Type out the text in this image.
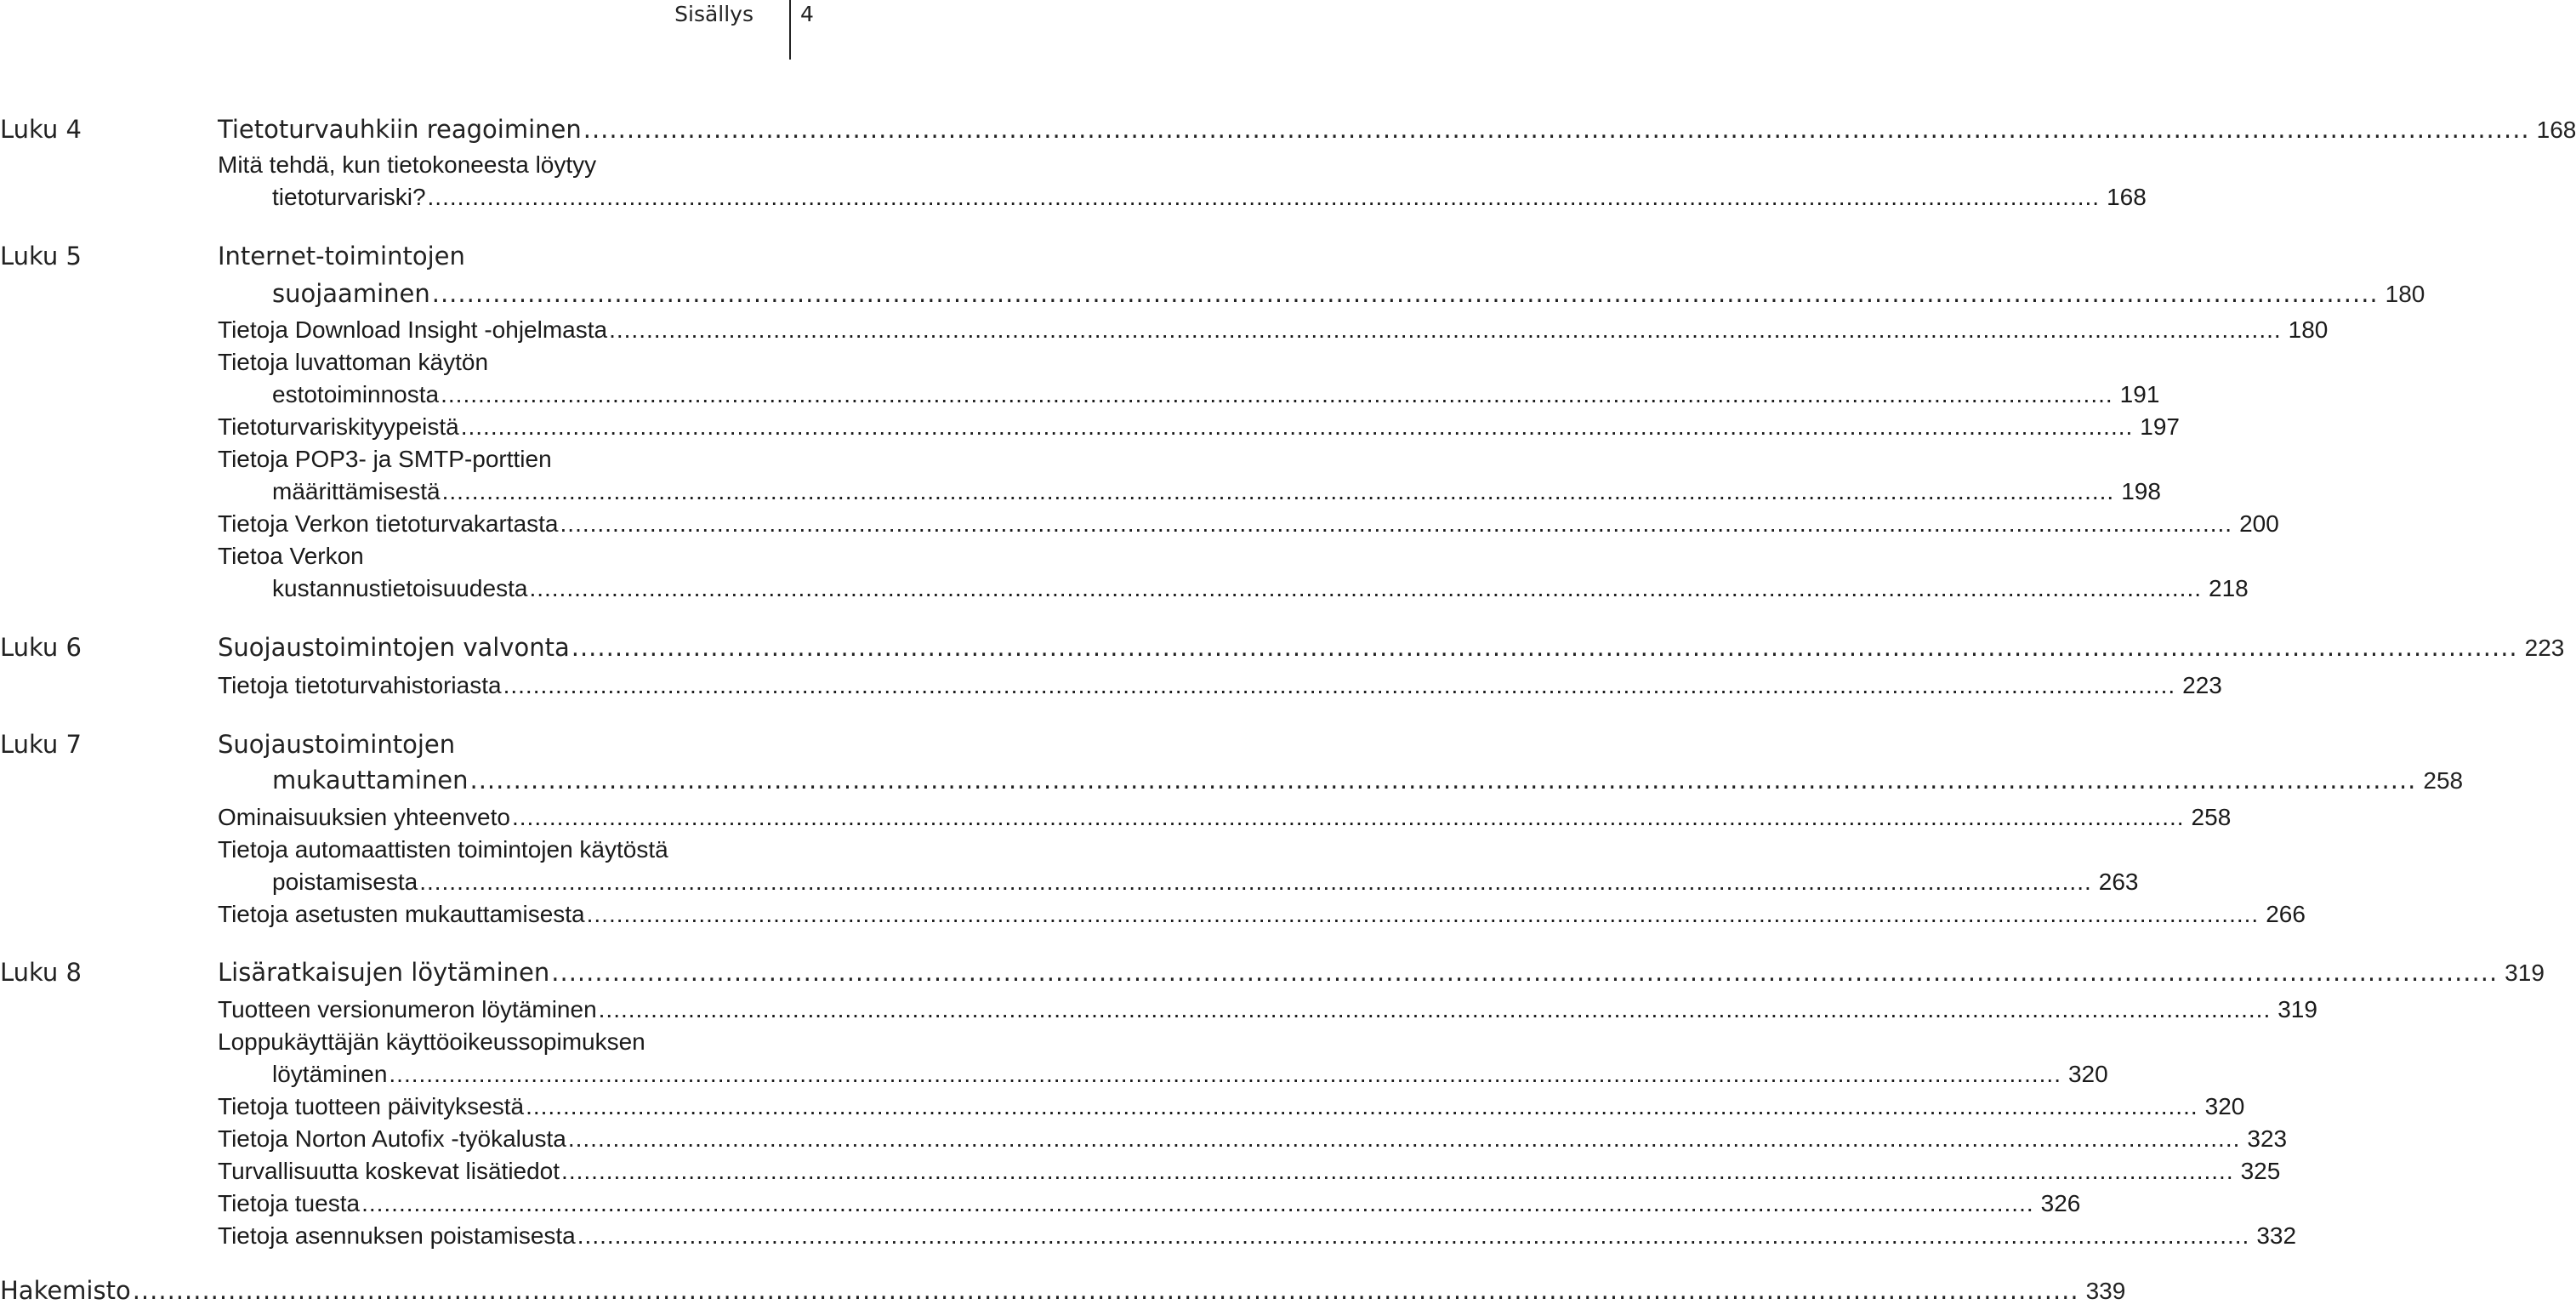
Sisällys 4
Luku 4	Tietoturvauhkiin reagoiminen ................................................................................................................................................................................................................................ 168
Mitä tehdä, kun tietokoneesta löytyy
tietoturvariski? ................................................................................................................................................................................................................................ 168
Luku 5	Internet-toimintojen
suojaaminen ................................................................................................................................................................................................................................ 180
Tietoja Download Insight -ohjelmasta ................................................................................................................................................................................................................................ 180
Tietoja luvattoman käytön
estotoiminnosta ................................................................................................................................................................................................................................ 191
Tietoturvariskityypeistä ................................................................................................................................................................................................................................ 197
Tietoja POP3- ja SMTP-porttien
määrittämisestä ................................................................................................................................................................................................................................ 198
Tietoja Verkon tietoturvakartasta ................................................................................................................................................................................................................................ 200
Tietoa Verkon
kustannustietoisuudesta ................................................................................................................................................................................................................................ 218
Luku 6	Suojaustoimintojen valvonta ................................................................................................................................................................................................................................ 223
Tietoja tietoturvahistoriasta ................................................................................................................................................................................................................................ 223
Luku 7	Suojaustoimintojen
mukauttaminen ................................................................................................................................................................................................................................ 258
Ominaisuuksien yhteenveto ................................................................................................................................................................................................................................ 258
Tietoja automaattisten toimintojen käytöstä
poistamisesta ................................................................................................................................................................................................................................ 263
Tietoja asetusten mukauttamisesta ................................................................................................................................................................................................................................ 266
Luku 8	Lisäratkaisujen löytäminen ................................................................................................................................................................................................................................ 319
Tuotteen versionumeron löytäminen ................................................................................................................................................................................................................................ 319
Loppukäyttäjän käyttöoikeussopimuksen
löytäminen ................................................................................................................................................................................................................................ 320
Tietoja tuotteen päivityksestä ................................................................................................................................................................................................................................ 320
Tietoja Norton Autofix -työkalusta ................................................................................................................................................................................................................................ 323
Turvallisuutta koskevat lisätiedot ................................................................................................................................................................................................................................ 325
Tietoja tuesta ................................................................................................................................................................................................................................ 326
Tietoja asennuksen poistamisesta ................................................................................................................................................................................................................................ 332
Hakemisto ................................................................................................................................................................................................................................ 339
